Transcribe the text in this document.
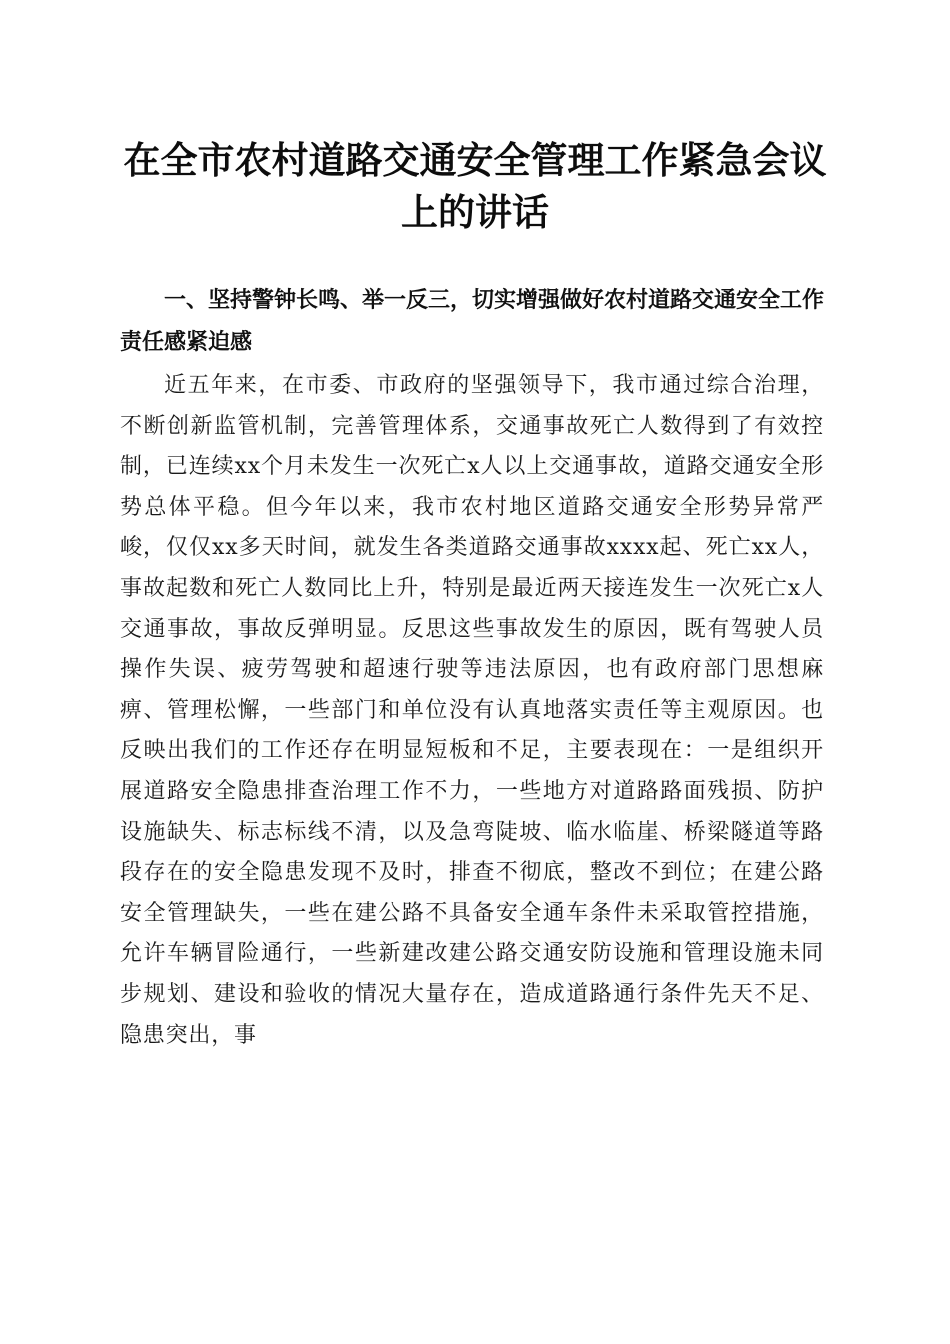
在全市农村道路交通安全管理工作紧急会议上的讲话
一、坚持警钟长鸣、举一反三，切实增强做好农村道路交通安全工作责任感紧迫感

近五年来，在市委、市政府的坚强领导下，我市通过综合治理，不断创新监管机制，完善管理体系，交通事故死亡人数得到了有效控制，已连续xx个月未发生一次死亡x人以上交通事故，道路交通安全形势总体平稳。但今年以来，我市农村地区道路交通安全形势异常严峻，仅仅xx多天时间，就发生各类道路交通事故xxxx起、死亡xx人，事故起数和死亡人数同比上升，特别是最近两天接连发生一次死亡x人交通事故，事故反弹明显。反思这些事故发生的原因，既有驾驶人员操作失误、疲劳驾驶和超速行驶等违法原因，也有政府部门思想麻痹、管理松懈，一些部门和单位没有认真地落实责任等主观原因。也反映出我们的工作还存在明显短板和不足，主要表现在：一是组织开展道路安全隐患排查治理工作不力，一些地方对道路路面残损、防护设施缺失、标志标线不清，以及急弯陡坡、临水临崖、桥梁隧道等路段存在的安全隐患发现不及时，排查不彻底，整改不到位；在建公路安全管理缺失，一些在建公路不具备安全通车条件未采取管控措施，允许车辆冒险通行，一些新建改建公路交通安防设施和管理设施未同步规划、建设和验收的情况大量存在，造成道路通行条件先天不足、隐患突出，事
